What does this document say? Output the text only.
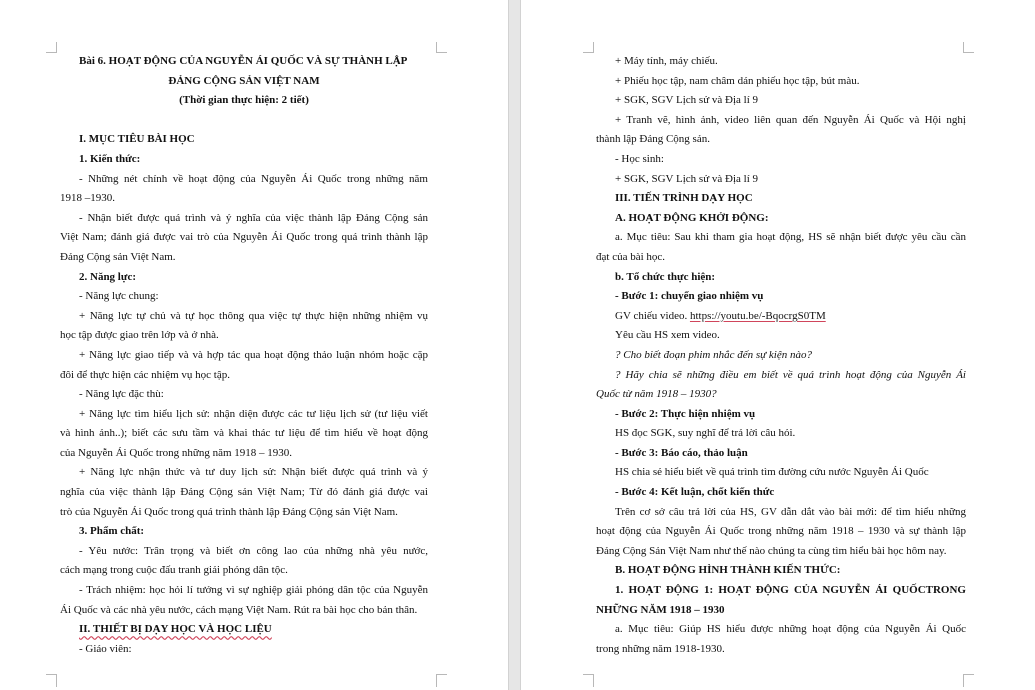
Bài 6. HOẠT ĐỘNG CỦA NGUYỄN ÁI QUỐC VÀ SỰ THÀNH LẬP
ĐẢNG CỘNG SẢN VIỆT NAM
(Thời gian thực hiện: 2 tiết)
I. MỤC TIÊU BÀI HỌC
1. Kiến thức:
- Những nét chính về hoạt động của Nguyễn Ái Quốc trong những năm
1918 –1930.
- Nhận biết được quá trình và ý nghĩa của việc thành lập Đảng Cộng sản
Việt Nam; đánh giá được vai trò của Nguyễn Ái Quốc trong quá trình thành lập
Đảng Cộng sản Việt Nam.
2. Năng lực:
- Năng lực chung:
+ Năng lực tự chủ và tự học thông qua việc tự thực hiện những nhiệm vụ
học tập được giao trên lớp và ở nhà.
+ Năng lực giao tiếp và và hợp tác qua hoạt động thảo luận nhóm hoặc cặp
đôi để thực hiện các nhiệm vụ học tập.
- Năng lực đặc thù:
+ Năng lực tìm hiểu lịch sử: nhận diện được các tư liệu lịch sử (tư liệu viết
và hình ảnh..); biết các sưu tầm và khai thác tư liệu để tìm hiểu về hoạt động
của Nguyễn Ái Quốc trong những năm 1918 – 1930.
+ Năng lực nhận thức và tư duy lịch sử: Nhận biết được quá trình và ý
nghĩa của việc thành lập Đảng Cộng sản Việt Nam; Từ đó đánh giá được vai
trò của Nguyễn Ái Quốc trong quá trình thành lập Đảng Cộng sản Việt Nam.
3. Phẩm chất:
- Yêu nước: Trân trọng và biết ơn công lao của những nhà yêu nước,
cách mạng trong cuộc đấu tranh giải phóng dân tộc.
- Trách nhiệm: học hỏi lí tưởng vì sự nghiệp giải phóng dân tộc của Nguyễn
Ái Quốc và các nhà yêu nước, cách mạng Việt Nam. Rút ra bài học cho bản thân.
II. THIẾT BỊ DẠY HỌC VÀ HỌC LIỆU
- Giáo viên:
+ Máy tính, máy chiếu.
+ Phiếu học tập, nam châm dán phiếu học tập, bút màu.
+ SGK, SGV Lịch sử và Địa lí 9
+ Tranh vẽ, hình ảnh, video liên quan đến Nguyễn Ái Quốc và Hội nghị
thành lập Đảng Cộng sản.
- Học sinh:
+ SGK, SGV Lịch sử và Địa lí 9
III. TIẾN TRÌNH DẠY HỌC
A. HOẠT ĐỘNG KHỞI ĐỘNG:
a. Mục tiêu: Sau khi tham gia hoạt động, HS sẽ nhận biết được yêu cầu cần
đạt của bài học.
b. Tổ chức thực hiện:
- Bước 1: chuyển giao nhiệm vụ
GV chiếu video. https://youtu.be/-BqocrgS0TM
Yêu cầu HS xem video.
? Cho biết đoạn phim nhắc đến sự kiện nào?
? Hãy chia sẽ những điều em biết về quá trình hoạt động của Nguyễn Ái
Quốc từ năm 1918 – 1930?
- Bước 2: Thực hiện nhiệm vụ
HS đọc SGK, suy nghĩ để trả lời câu hỏi.
- Bước 3: Báo cáo, thảo luận
HS chia sẻ hiểu biết về quá trình tìm đường cứu nước Nguyễn Ái Quốc
- Bước 4: Kết luận, chốt kiến thức
Trên cơ sở câu trả lời của HS, GV dẫn dắt vào bài mới: để tìm hiểu những
hoạt động của Nguyễn Ái Quốc trong những năm 1918 – 1930 và sự thành lập
Đảng Cộng Sản Việt Nam như thế nào chúng ta cùng tìm hiểu bài học hôm nay.
B. HOẠT ĐỘNG HÌNH THÀNH KIẾN THỨC:
1. HOẠT ĐỘNG 1: HOẠT ĐỘNG CỦA NGUYỄN ÁI QUỐCTRONG
NHỮNG NĂM 1918 – 1930
a. Mục tiêu: Giúp HS hiểu được những hoạt động của Nguyễn Ái Quốc
trong những năm 1918-1930.
